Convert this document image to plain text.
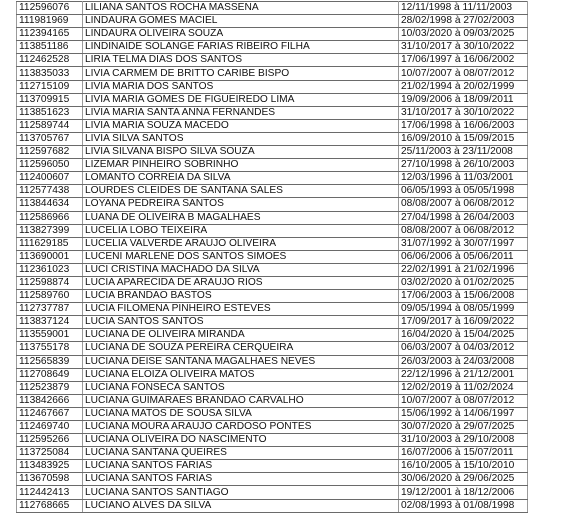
112596076	LILIANA SANTOS ROCHA MASSENA	12/11/1998 à 11/11/2003	
111981969	LINDAURA GOMES MACIEL	28/02/1998 à 27/02/2003	
112394165	LINDAURA OLIVEIRA SOUZA	10/03/2020 à 09/03/2025	
113851186	LINDINAIDE SOLANGE FARIAS RIBEIRO FILHA	31/10/2017 à 30/10/2022	
112462528	LIRIA TELMA DIAS DOS SANTOS	17/06/1997 à 16/06/2002	
113835033	LIVIA CARMEM DE BRITTO CARIBE BISPO	10/07/2007 à 08/07/2012	
112715109	LIVIA MARIA DOS SANTOS	21/02/1994 à 20/02/1999	
113709915	LIVIA MARIA GOMES DE FIGUEIREDO LIMA	19/09/2006 à 18/09/2011	
113851623	LIVIA MARIA SANTA ANNA FERNANDES	31/10/2017 à 30/10/2022	
112589744	LIVIA MARIA SOUZA MACEDO	17/06/1998 à 16/06/2003	
113705767	LIVIA SILVA SANTOS	16/09/2010 à 15/09/2015	
112597682	LIVIA SILVANA BISPO SILVA SOUZA	25/11/2003 à 23/11/2008	
112596050	LIZEMAR PINHEIRO SOBRINHO	27/10/1998 à 26/10/2003	
112400607	LOMANTO CORREIA DA SILVA	12/03/1996 à 11/03/2001	
112577438	LOURDES CLEIDES DE SANTANA SALES	06/05/1993 à 05/05/1998	
113844634	LOYANA PEDREIRA SANTOS	08/08/2007 à 06/08/2012	
112586966	LUANA DE OLIVEIRA B MAGALHAES	27/04/1998 à 26/04/2003	
113827399	LUCELIA LOBO TEIXEIRA	08/08/2007 à 06/08/2012	
111629185	LUCELIA VALVERDE ARAUJO OLIVEIRA	31/07/1992 à 30/07/1997	
113690001	LUCENI MARLENE DOS SANTOS SIMOES	06/06/2006 à 05/06/2011	
112361023	LUCI CRISTINA MACHADO DA SILVA	22/02/1991 à 21/02/1996	
112598874	LUCIA APARECIDA DE ARAUJO RIOS	03/02/2020 à 01/02/2025	
112589760	LUCIA BRANDAO BASTOS	17/06/2003 à 15/06/2008	
112737787	LUCIA FILOMENA PINHEIRO ESTEVES	09/05/1994 à 08/05/1999	
113837124	LUCIA SANTOS SANTOS	17/09/2017 à 16/09/2022	
113559001	LUCIANA DE OLIVEIRA MIRANDA	16/04/2020 à 15/04/2025	
113755178	LUCIANA DE SOUZA PEREIRA CERQUEIRA	06/03/2007 à 04/03/2012	
112565839	LUCIANA DEISE SANTANA MAGALHAES NEVES	26/03/2003 à 24/03/2008	
112708649	LUCIANA ELOIZA OLIVEIRA MATOS	22/12/1996 à 21/12/2001	
112523879	LUCIANA FONSECA SANTOS	12/02/2019 à 11/02/2024	
113842666	LUCIANA GUIMARAES BRANDAO CARVALHO	10/07/2007 à 08/07/2012	
112467667	LUCIANA MATOS DE SOUSA SILVA	15/06/1992 à 14/06/1997	
112469740	LUCIANA MOURA ARAUJO CARDOSO PONTES	30/07/2020 à 29/07/2025	
112595266	LUCIANA OLIVEIRA DO NASCIMENTO	31/10/2003 à 29/10/2008	
113725084	LUCIANA SANTANA QUEIRES	16/07/2006 à 15/07/2011	
113483925	LUCIANA SANTOS FARIAS	16/10/2005 à 15/10/2010	
113670598	LUCIANA SANTOS FARIAS	30/06/2020 à 29/06/2025	
112442413	LUCIANA SANTOS SANTIAGO	19/12/2001 à 18/12/2006	
112768665	LUCIANO ALVES DA SILVA	02/08/1993 à 01/08/1998	
